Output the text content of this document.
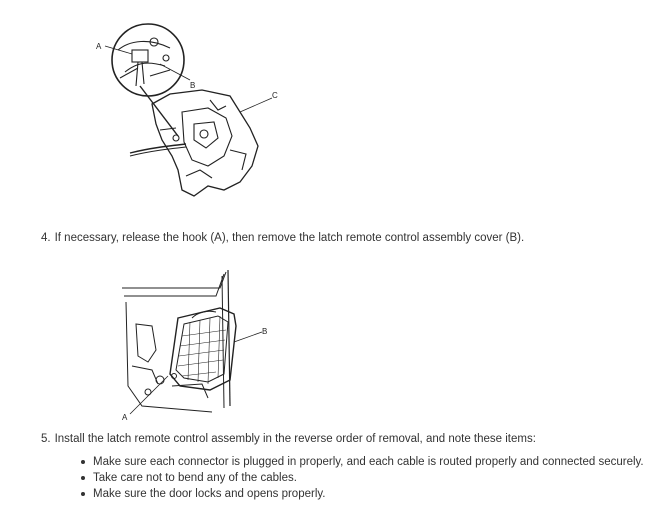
A
B
C
4. If necessary, release the hook (A), then remove the latch remote control assembly cover (B).
B
A
5. Install the latch remote control assembly in the reverse order of removal, and note these items:
Make sure each connector is plugged in properly, and each cable is routed properly and connected securely.
Take care not to bend any of the cables.
Make sure the door locks and opens properly.
